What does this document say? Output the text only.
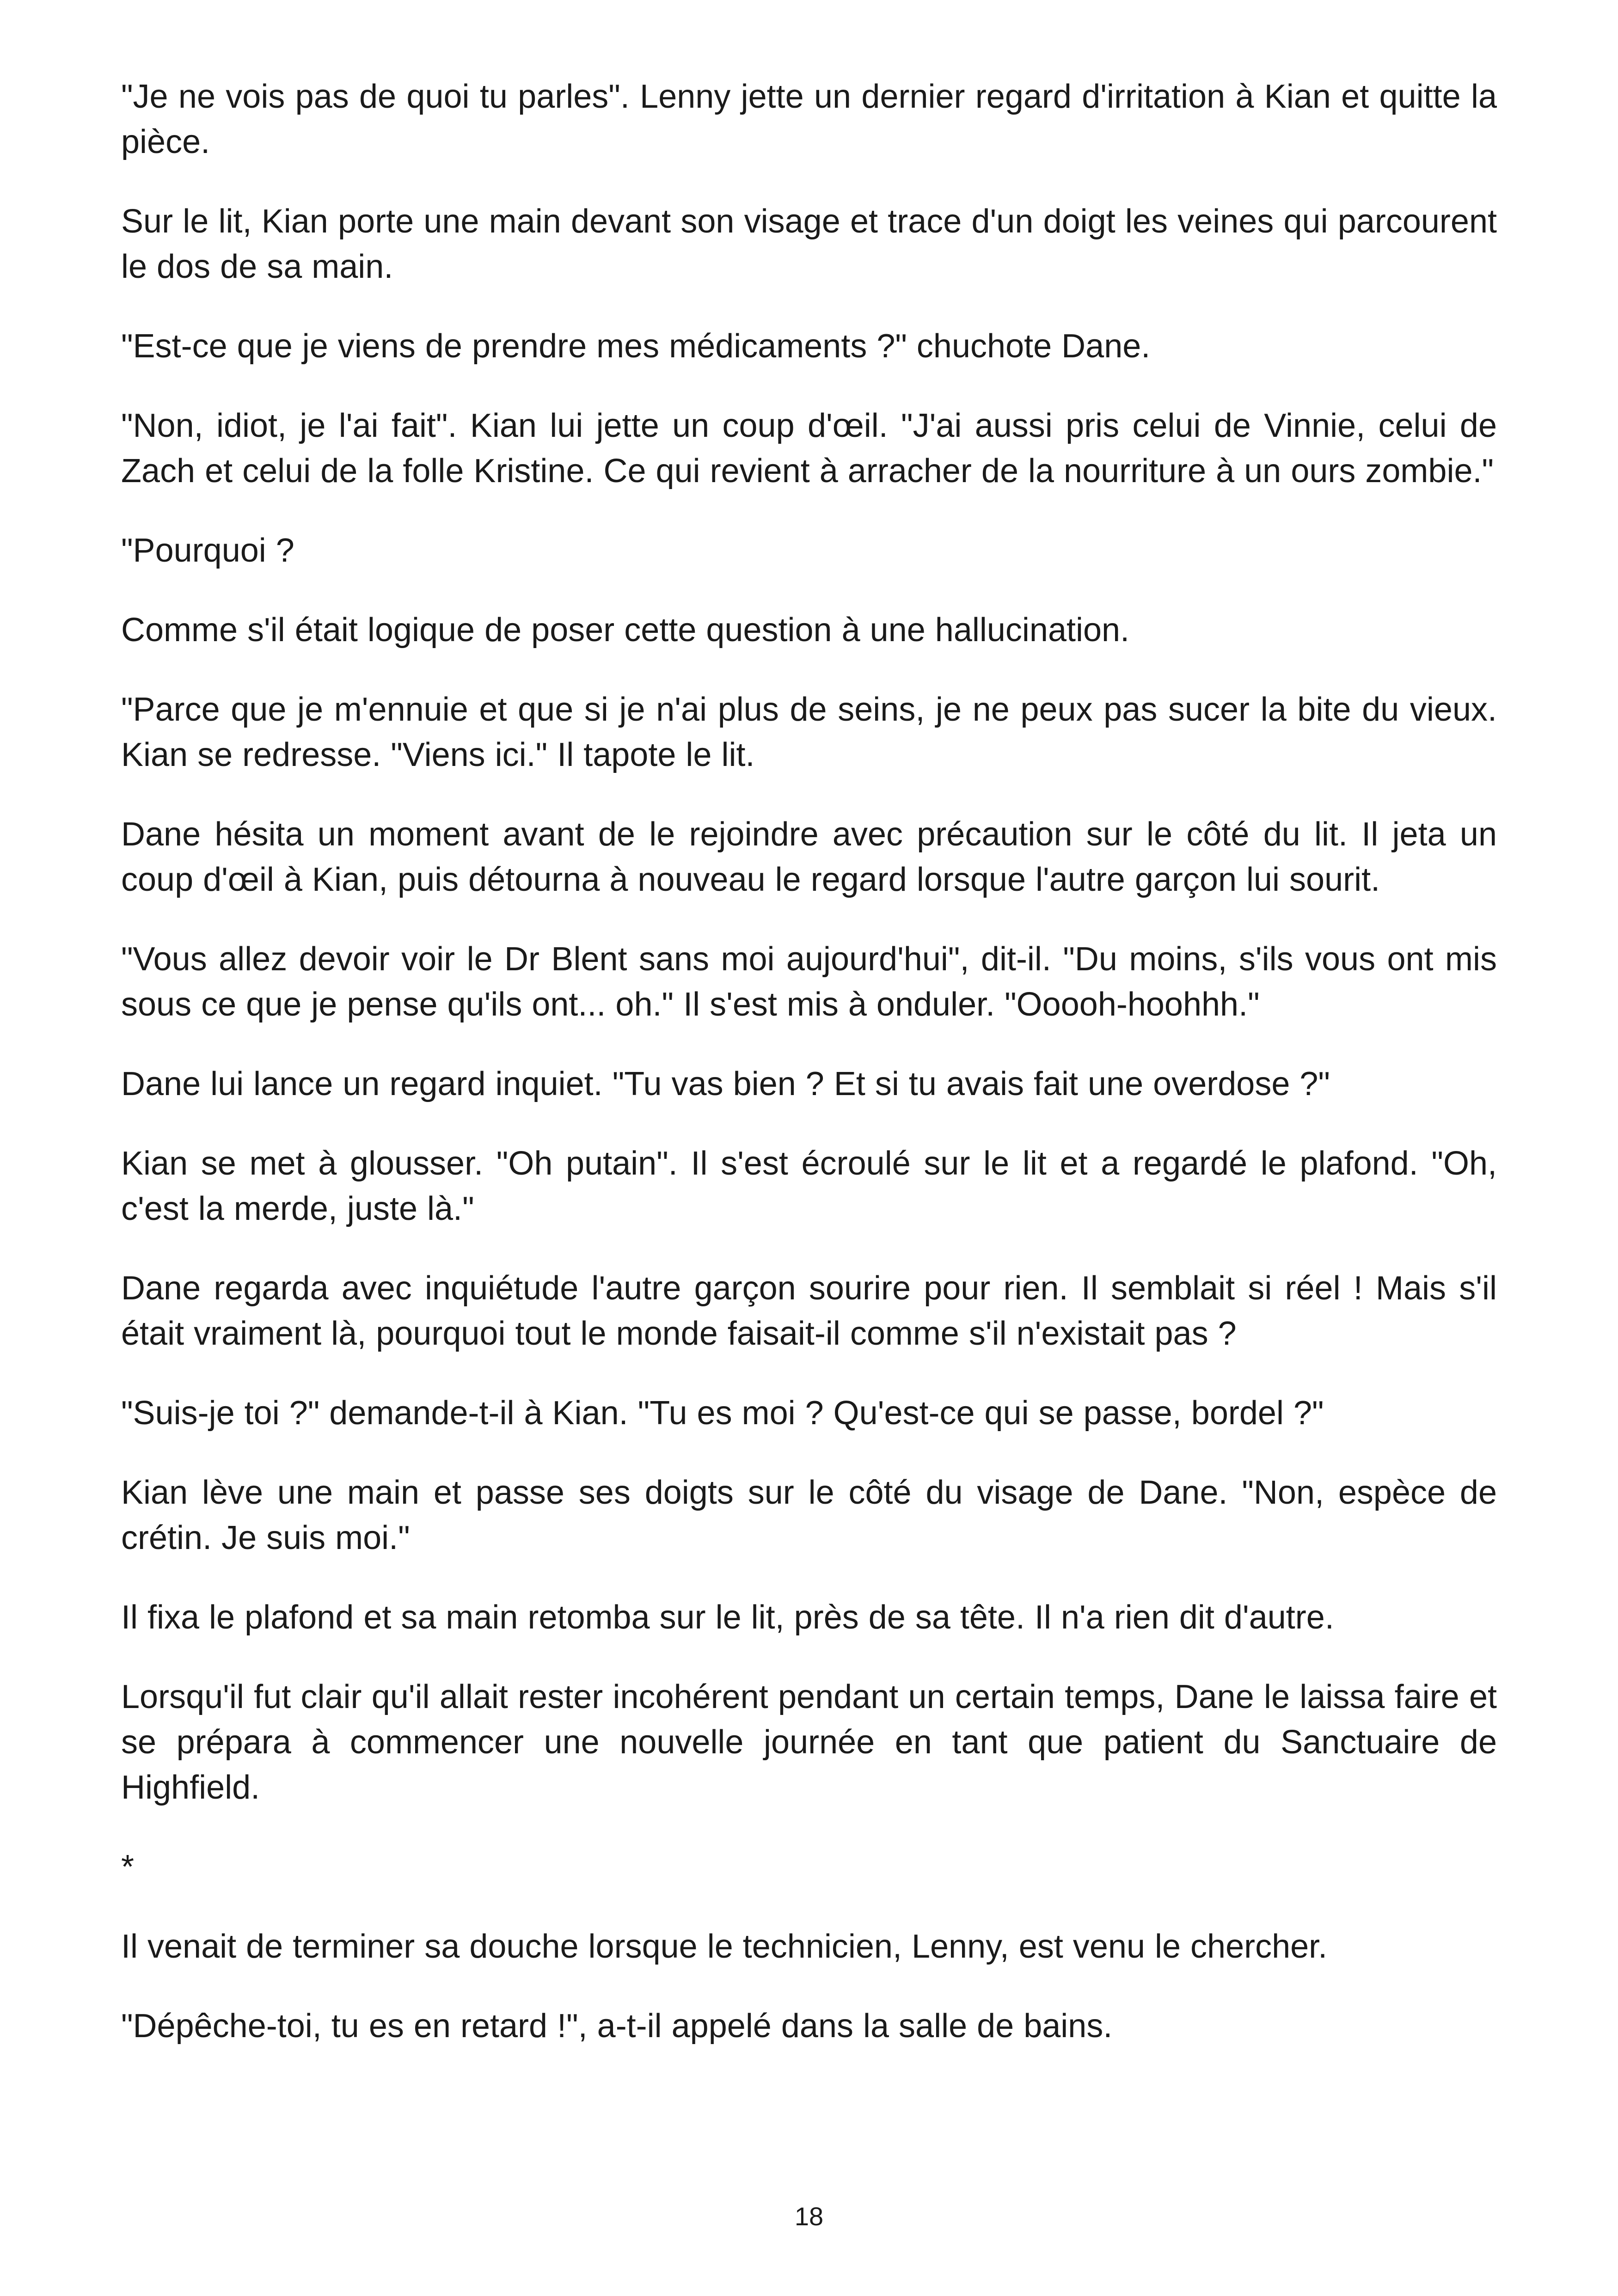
"Je ne vois pas de quoi tu parles". Lenny jette un dernier regard d'irritation à Kian et quitte la pièce.

Sur le lit, Kian porte une main devant son visage et trace d'un doigt les veines qui parcourent le dos de sa main.

"Est-ce que je viens de prendre mes médicaments ?" chuchote Dane.

"Non, idiot, je l'ai fait". Kian lui jette un coup d'œil. "J'ai aussi pris celui de Vinnie, celui de Zach et celui de la folle Kristine. Ce qui revient à arracher de la nourriture à un ours zombie."

"Pourquoi ?

Comme s'il était logique de poser cette question à une hallucination.

"Parce que je m'ennuie et que si je n'ai plus de seins, je ne peux pas sucer la bite du vieux. Kian se redresse. "Viens ici." Il tapote le lit.

Dane hésita un moment avant de le rejoindre avec précaution sur le côté du lit. Il jeta un coup d'œil à Kian, puis détourna à nouveau le regard lorsque l'autre garçon lui sourit.

"Vous allez devoir voir le Dr Blent sans moi aujourd'hui", dit-il. "Du moins, s'ils vous ont mis sous ce que je pense qu'ils ont... oh." Il s'est mis à onduler. "Ooooh-hoohhh."

Dane lui lance un regard inquiet. "Tu vas bien ? Et si tu avais fait une overdose ?"

Kian se met à glousser. "Oh putain". Il s'est écroulé sur le lit et a regardé le plafond. "Oh, c'est la merde, juste là."

Dane regarda avec inquiétude l'autre garçon sourire pour rien. Il semblait si réel ! Mais s'il était vraiment là, pourquoi tout le monde faisait-il comme s'il n'existait pas ?

"Suis-je toi ?" demande-t-il à Kian. "Tu es moi ? Qu'est-ce qui se passe, bordel ?"

Kian lève une main et passe ses doigts sur le côté du visage de Dane. "Non, espèce de crétin. Je suis moi."

Il fixa le plafond et sa main retomba sur le lit, près de sa tête. Il n'a rien dit d'autre.

Lorsqu'il fut clair qu'il allait rester incohérent pendant un certain temps, Dane le laissa faire et se prépara à commencer une nouvelle journée en tant que patient du Sanctuaire de Highfield.

*

Il venait de terminer sa douche lorsque le technicien, Lenny, est venu le chercher.

"Dépêche-toi, tu es en retard !", a-t-il appelé dans la salle de bains.

18
